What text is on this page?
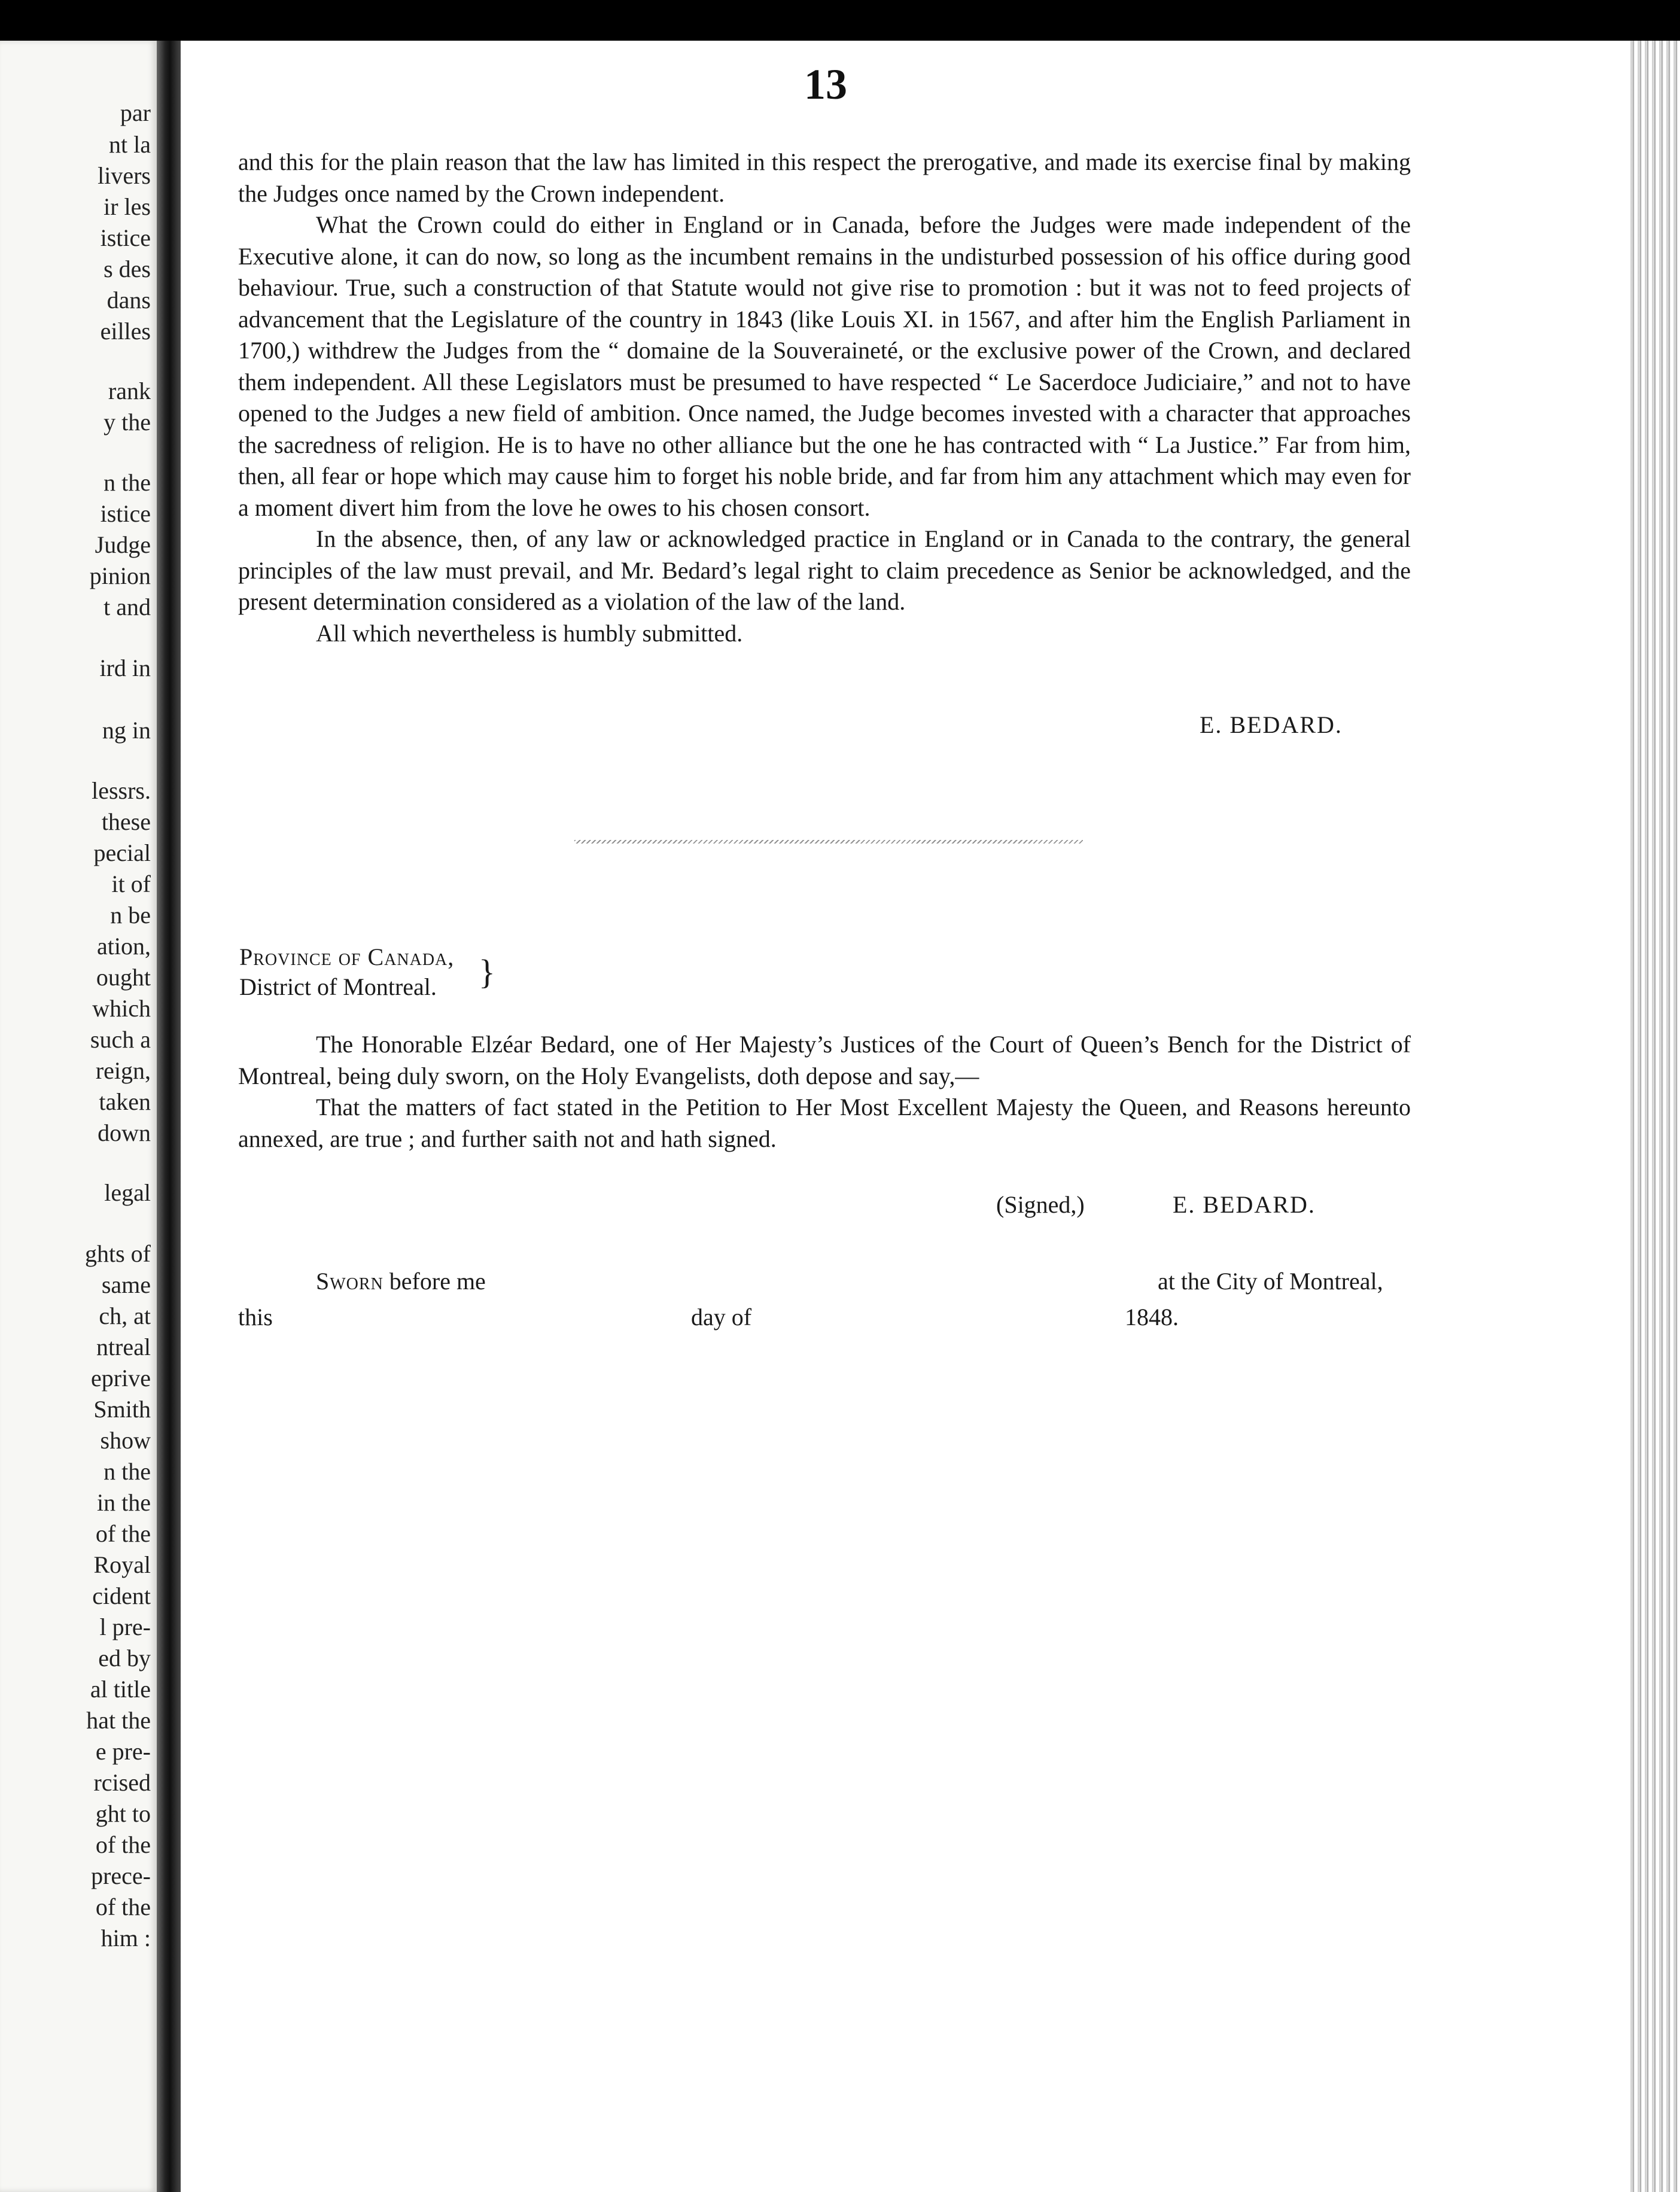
par
nt la
livers
ir les
istice
s des
dans
eilles
rank
y the
n the
istice
Judge
pinion
t and
ird in
ng in
lessrs.
these
pecial
it of
n be
ation,
ought
which
such a
reign,
taken
down
legal
ghts of
same
ch, at
ntreal
eprive
Smith
show
n the
in the
of the
Royal
cident
l pre-
ed by
al title
hat the
e pre-
rcised
ght to
of the
prece-
of the
him :
13

and this for the plain reason that the law has limited in this respect the prerogative, and made its exercise final by making the Judges once named by the Crown independent.

What the Crown could do either in England or in Canada, before the Judges were made independent of the Executive alone, it can do now, so long as the incumbent remains in the undisturbed possession of his office during good behaviour. True, such a construction of that Statute would not give rise to promotion : but it was not to feed projects of advancement that the Legislature of the country in 1843 (like Louis XI. in 1567, and after him the English Parliament in 1700,) withdrew the Judges from the “ domaine de la Souveraineté, or the exclusive power of the Crown, and declared them independent. All these Legislators must be presumed to have respected “ Le Sacerdoce Judiciaire,” and not to have opened to the Judges a new field of ambition. Once named, the Judge becomes invested with a character that approaches the sacredness of religion. He is to have no other alliance but the one he has contracted with “ La Justice.” Far from him, then, all fear or hope which may cause him to forget his noble bride, and far from him any attachment which may even for a moment divert him from the love he owes to his chosen consort.

In the absence, then, of any law or acknowledged practice in England or in Canada to the contrary, the general principles of the law must prevail, and Mr. Bedard’s legal right to claim precedence as Senior be acknowledged, and the present determination considered as a violation of the law of the land.

All which nevertheless is humbly submitted.

E. BEDARD.
Province of Canada,
District of Montreal.	}

The Honorable Elzéar Bedard, one of Her Majesty’s Justices of the Court of Queen’s Bench for the District of Montreal, being duly sworn, on the Holy Evangelists, doth depose and say,—

That the matters of fact stated in the Petition to Her Most Excellent Majesty the Queen, and Reasons hereunto annexed, are true ; and further saith not and hath signed.

(Signed,)	E. BEDARD.
Sworn before me	at the City of Montreal,
this	day of	1848.
